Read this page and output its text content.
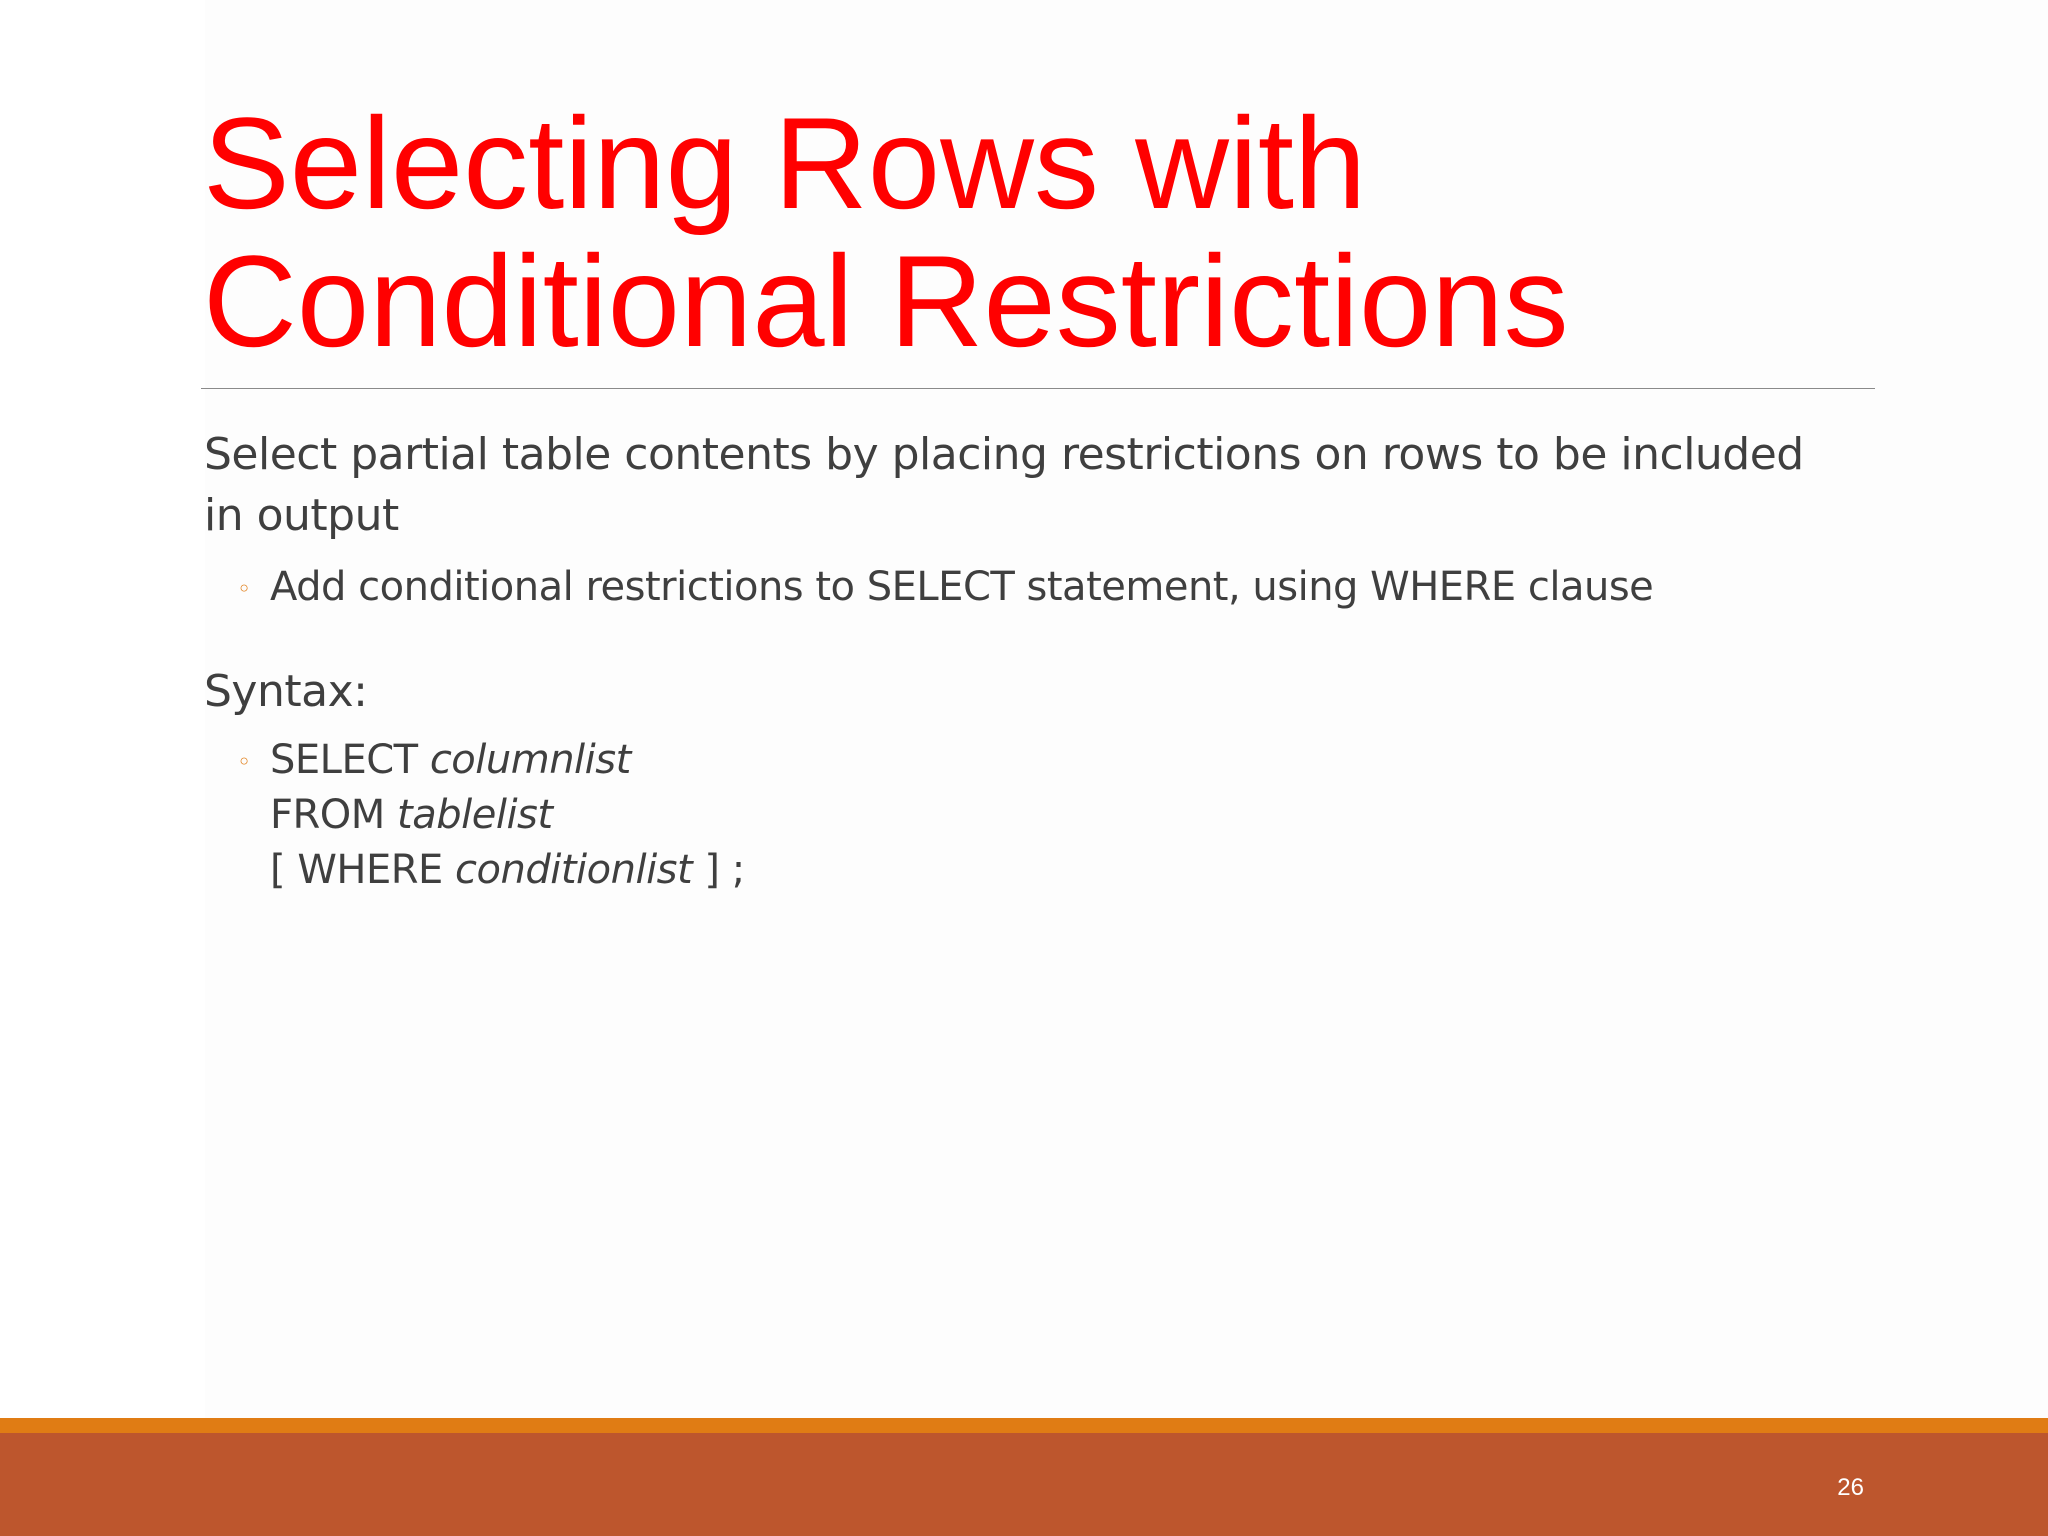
Selecting Rows with
Conditional Restrictions

Select partial table contents by placing restrictions on rows to be included in output

◦ Add conditional restrictions to SELECT statement, using WHERE clause

Syntax:

◦ SELECT columnlist
FROM tablelist
[ WHERE conditionlist ] ;
26
